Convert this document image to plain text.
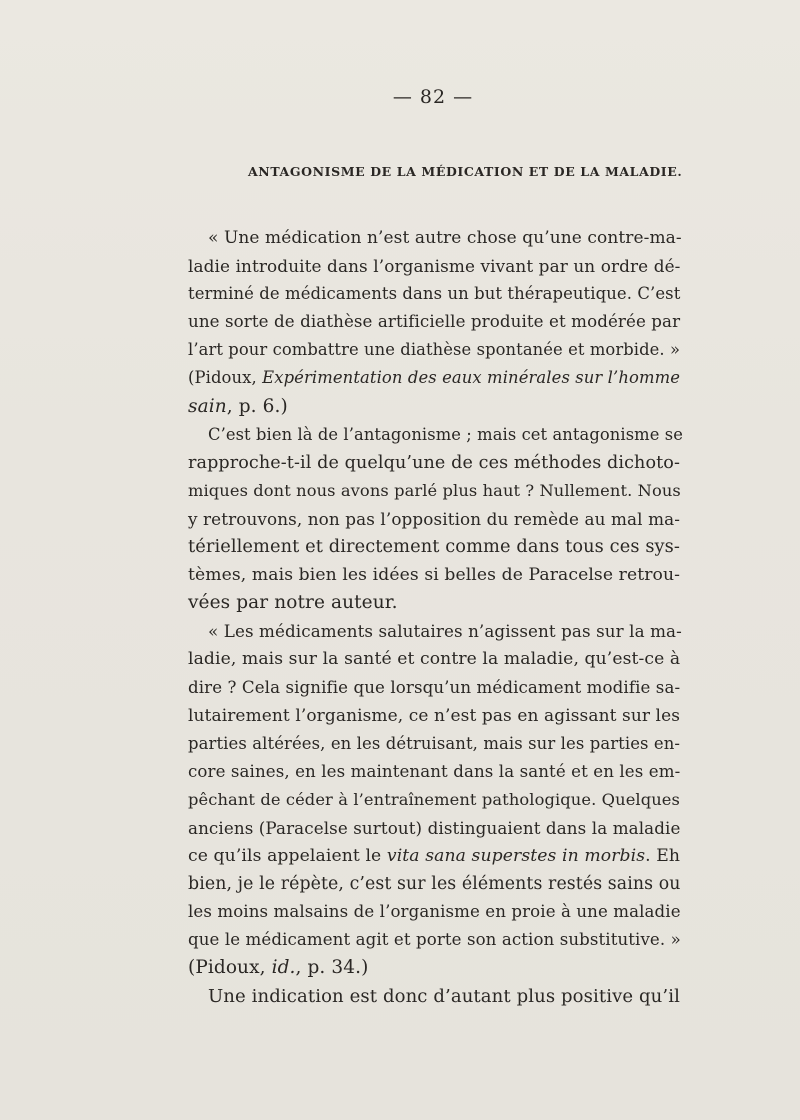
— 82 —
ANTAGONISME DE LA MÉDICATION ET DE LA MALADIE.
« Une médication n’est autre chose qu’une contre-ma-
ladie introduite dans l’organisme vivant par un ordre dé-
terminé de médicaments dans un but thérapeutique. C’est
une sorte de diathèse artificielle produite et modérée par
l’art pour combattre une diathèse spontanée et morbide. »
(Pidoux, Expérimentation des eaux minérales sur l’homme
sain, p. 6.)
C’est bien là de l’antagonisme ; mais cet antagonisme se
rapproche-t-il de quelqu’une de ces méthodes dichoto-
miques dont nous avons parlé plus haut ? Nullement. Nous
y retrouvons, non pas l’opposition du remède au mal ma-
tériellement et directement comme dans tous ces sys-
tèmes, mais bien les idées si belles de Paracelse retrou-
vées par notre auteur.
« Les médicaments salutaires n’agissent pas sur la ma-
ladie, mais sur la santé et contre la maladie, qu’est-ce à
dire ? Cela signifie que lorsqu’un médicament modifie sa-
lutairement l’organisme, ce n’est pas en agissant sur les
parties altérées, en les détruisant, mais sur les parties en-
core saines, en les maintenant dans la santé et en les em-
pêchant de céder à l’entraînement pathologique. Quelques
anciens (Paracelse surtout) distinguaient dans la maladie
ce qu’ils appelaient le vita sana superstes in morbis. Eh
bien, je le répète, c’est sur les éléments restés sains ou
les moins malsains de l’organisme en proie à une maladie
que le médicament agit et porte son action substitutive. »
(Pidoux, id., p. 34.)
Une indication est donc d’autant plus positive qu’il
